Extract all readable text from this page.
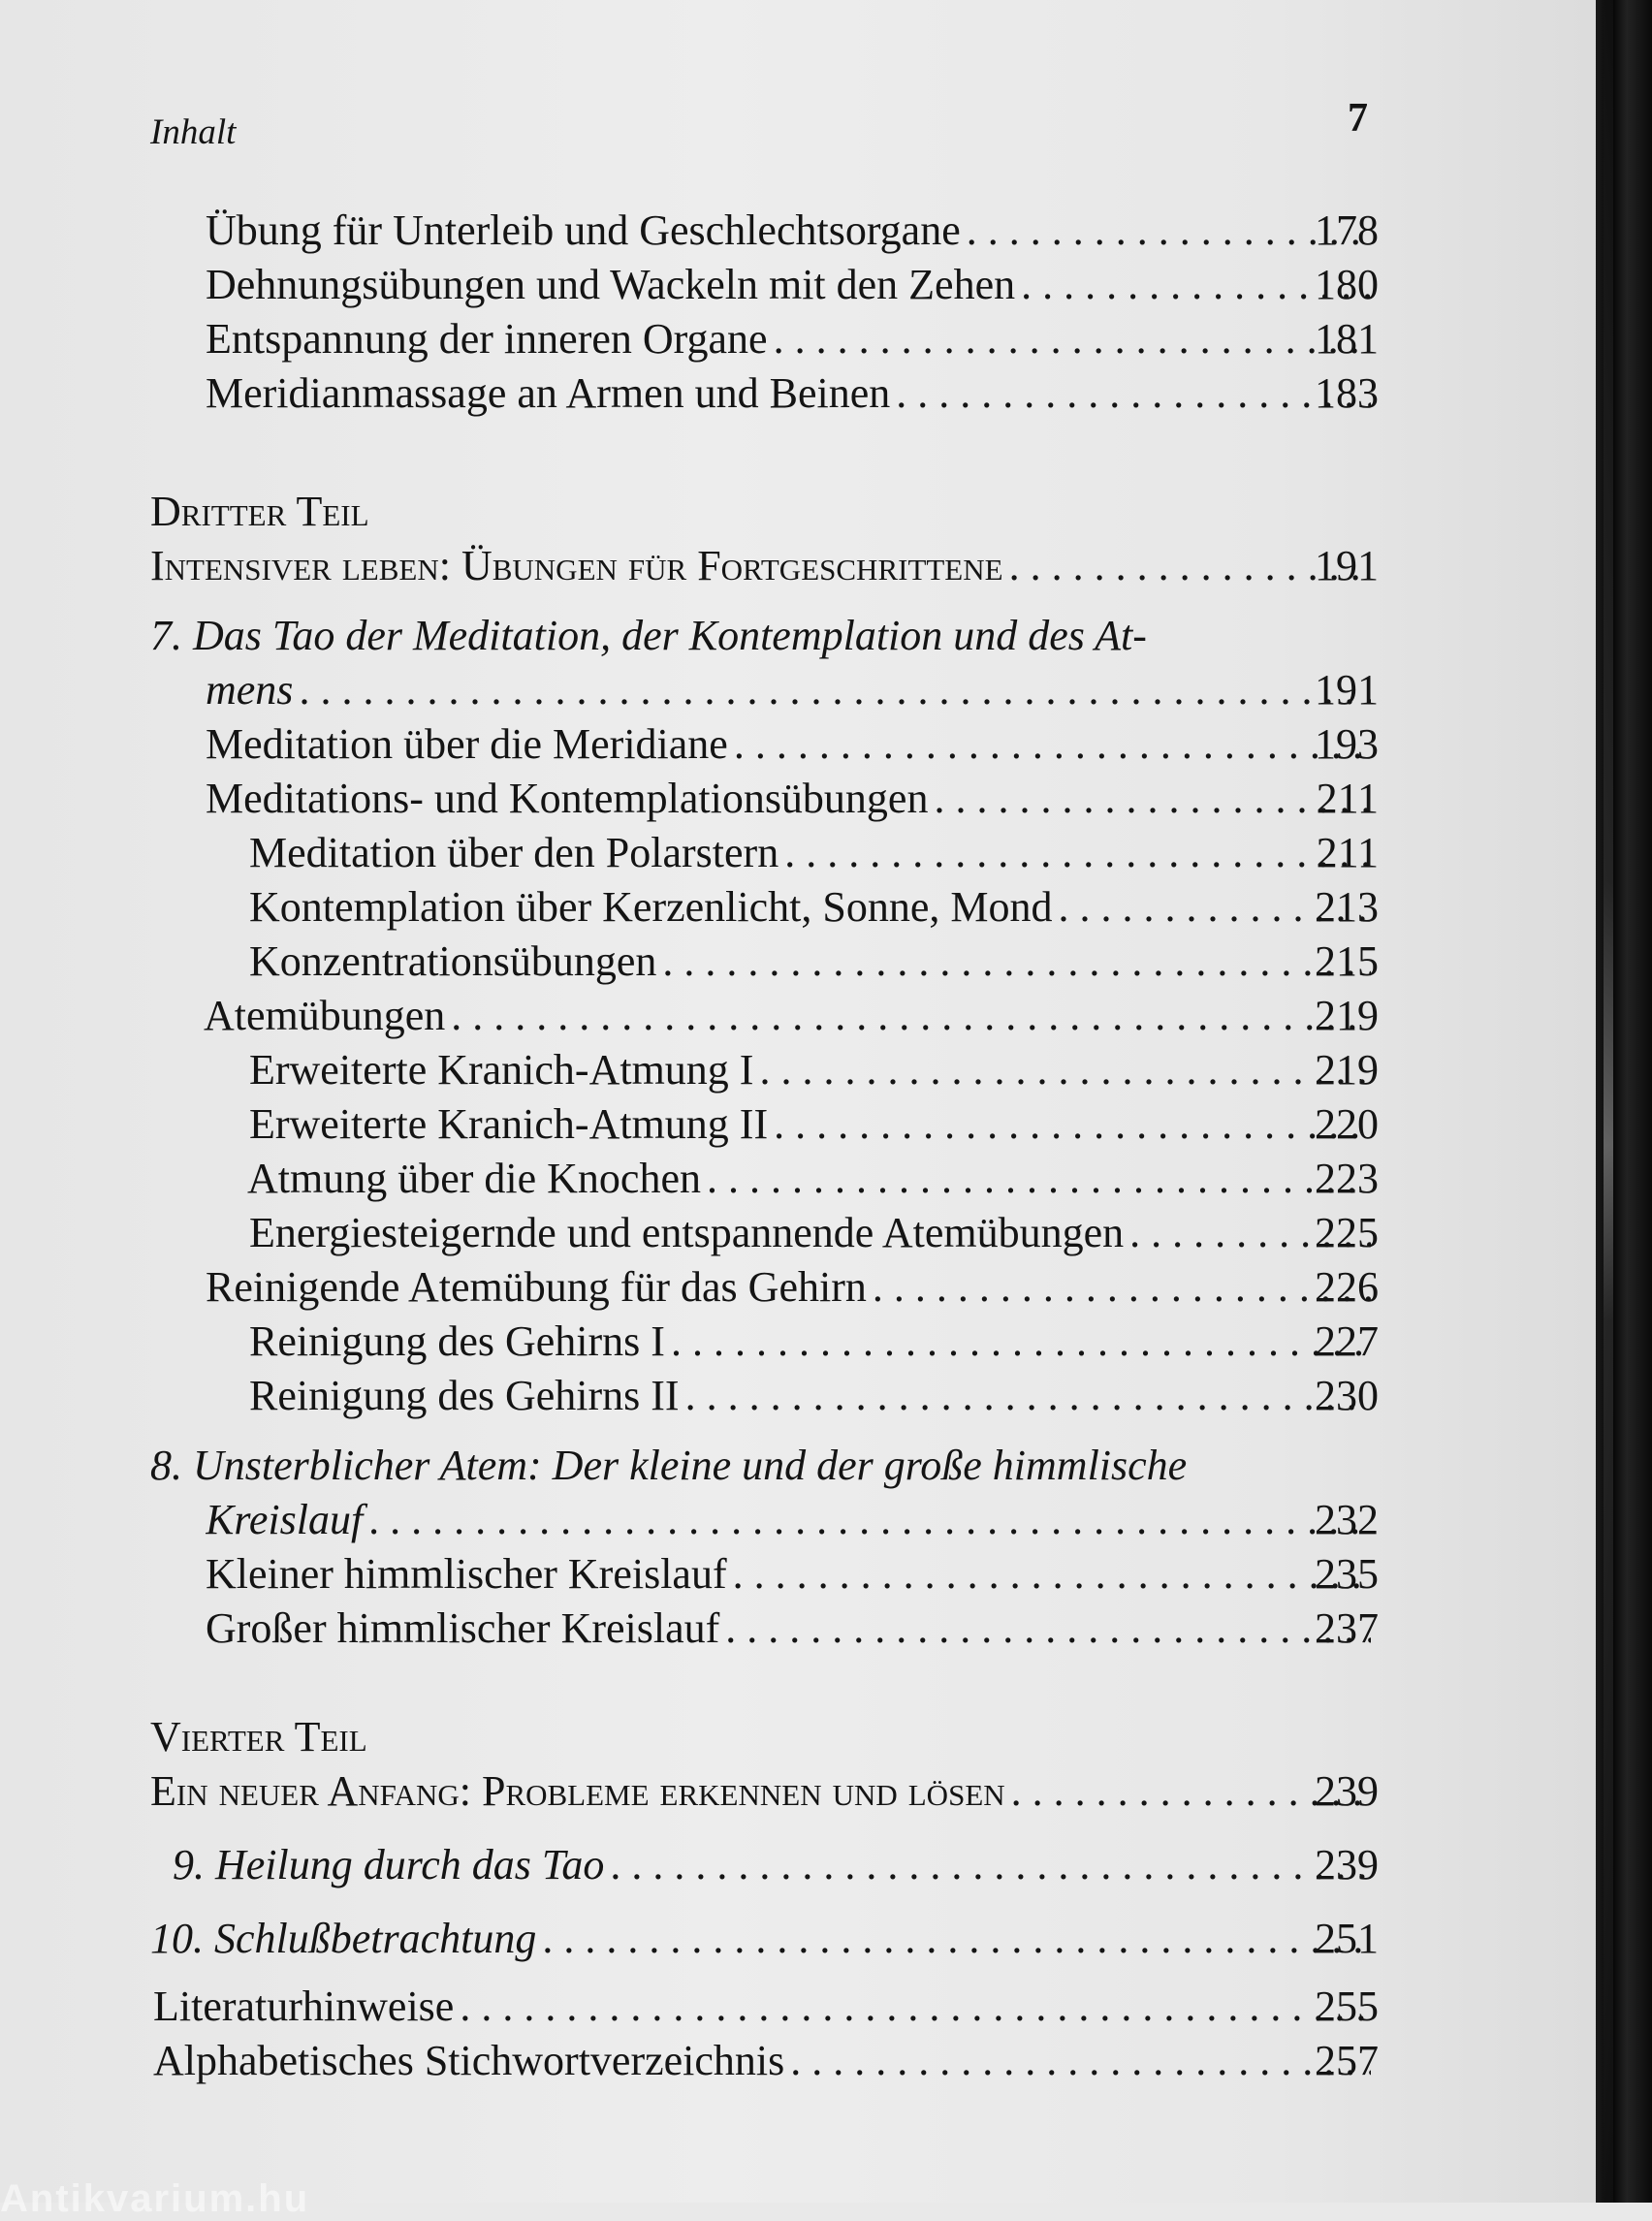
Inhalt	7
Übung für Unterleib und Geschlechtsorgane . . .	178
Dehnungsübungen und Wackeln mit den Zehen . . .	180
Entspannung der inneren Organe . . .	181
Meridianmassage an Armen und Beinen . . .	183
Dritter Teil
Intensiver leben: Übungen für Fortgeschrittene . . .	191
7. Das Tao der Meditation, der Kontemplation und des At-
mens . . .	191
Meditation über die Meridiane . . .	193
Meditations- und Kontemplationsübungen . . .	211
Meditation über den Polarstern . . .	211
Kontemplation über Kerzenlicht, Sonne, Mond . . .	213
Konzentrationsübungen . . .	215
Atemübungen . . .	219
Erweiterte Kranich-Atmung I . . .	219
Erweiterte Kranich-Atmung II . . .	220
Atmung über die Knochen . . .	223
Energiesteigernde und entspannende Atemübungen . . .	225
Reinigende Atemübung für das Gehirn . . .	226
Reinigung des Gehirns I . . .	227
Reinigung des Gehirns II . . .	230
8. Unsterblicher Atem: Der kleine und der große himmlische
Kreislauf . . .	232
Kleiner himmlischer Kreislauf . . .	235
Großer himmlischer Kreislauf . . .	237
Vierter Teil
Ein neuer Anfang: Probleme erkennen und lösen . . .	239
9. Heilung durch das Tao . . .	239
10. Schlußbetrachtung . . .	251
Literaturhinweise . . .	255
Alphabetisches Stichwortverzeichnis . . .	257
Antikvarium.hu
